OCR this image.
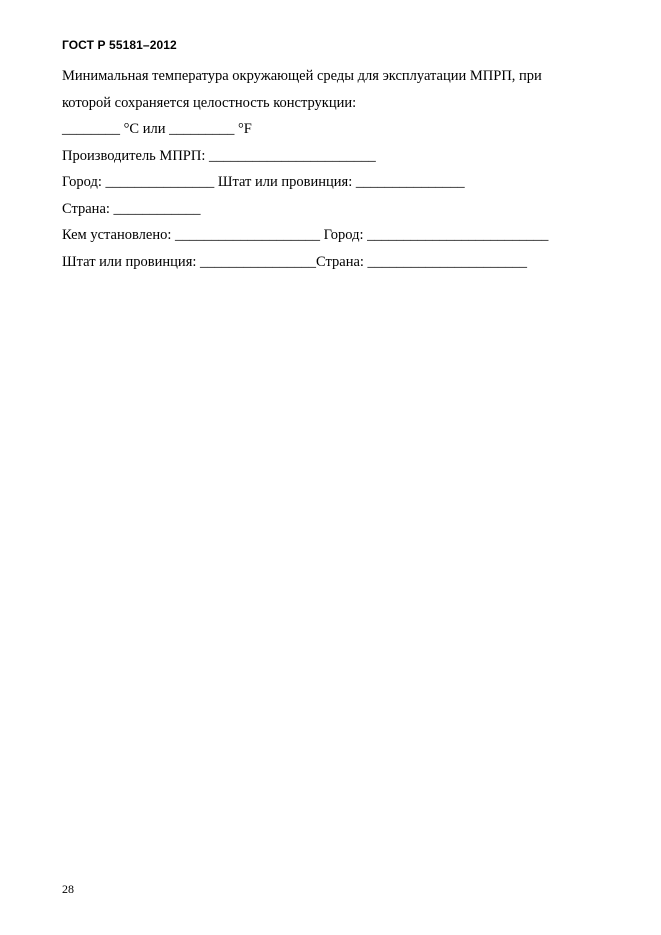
ГОСТ Р 55181–2012
Минимальная температура окружающей среды для эксплуатации МПРП, при
которой сохраняется целостность конструкции:
________ °C или _________ °F
Производитель МПРП: _______________________
Город: _______________ Штат или провинция: _______________
Страна: ____________
Кем установлено: ____________________ Город: _________________________
Штат или провинция: ________________Страна: ______________________
28
